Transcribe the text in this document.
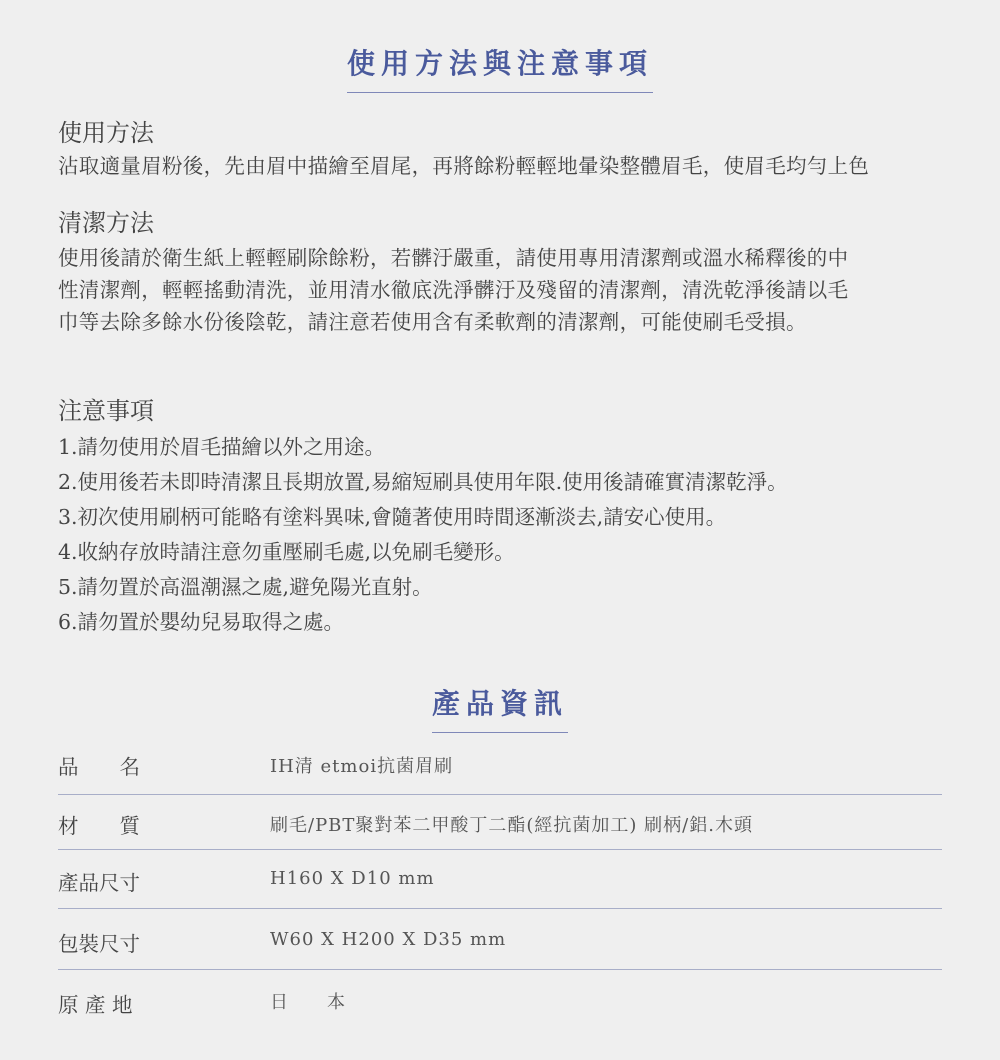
使用方法與注意事項
使用方法
沾取適量眉粉後，先由眉中描繪至眉尾，再將餘粉輕輕地暈染整體眉毛，使眉毛均勻上色
清潔方法
使用後請於衛生紙上輕輕刷除餘粉，若髒汙嚴重，請使用專用清潔劑或溫水稀釋後的中
性清潔劑，輕輕搖動清洗，並用清水徹底洗淨髒汙及殘留的清潔劑，清洗乾淨後請以毛
巾等去除多餘水份後陰乾，請注意若使用含有柔軟劑的清潔劑，可能使刷毛受損。
注意事項
1.請勿使用於眉毛描繪以外之用途。
2.使用後若未即時清潔且長期放置,易縮短刷具使用年限.使用後請確實清潔乾淨。
3.初次使用刷柄可能略有塗料異味,會隨著使用時間逐漸淡去,請安心使用。
4.收納存放時請注意勿重壓刷毛處,以免刷毛變形。
5.請勿置於高溫潮濕之處,避免陽光直射。
6.請勿置於嬰幼兒易取得之處。
產品資訊
品　　名	IH清 etmoi抗菌眉刷
材　　質	刷毛/PBT聚對苯二甲酸丁二酯(經抗菌加工) 刷柄/鋁.木頭
產品尺寸	H160 X D10 mm
包裝尺寸	W60 X H200 X D35 mm
原 產 地	日　　本
